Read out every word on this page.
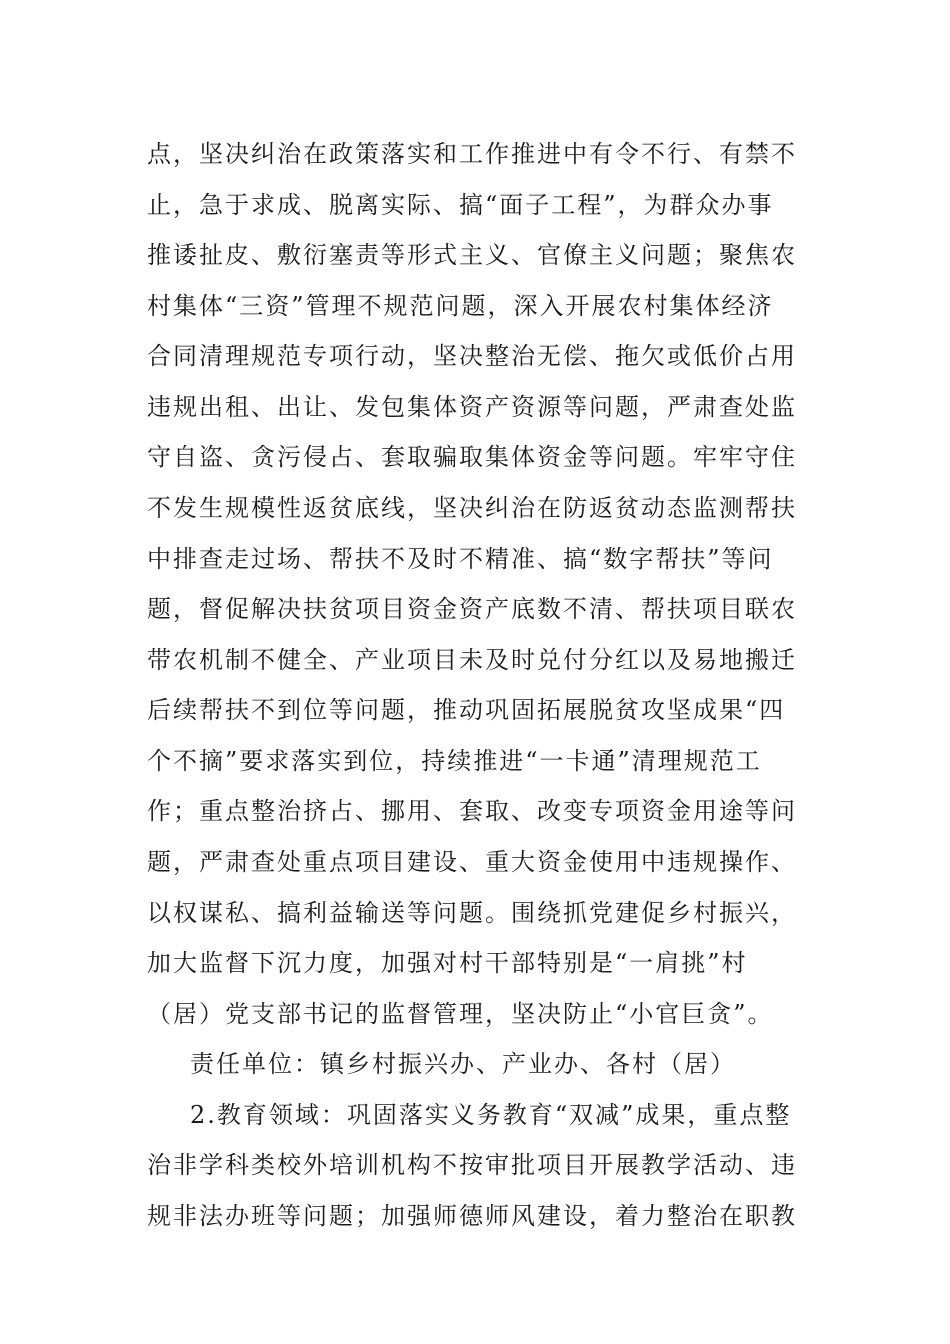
点，坚决纠治在政策落实和工作推进中有令不行、有禁不
止，急于求成、脱离实际、搞“面子工程”，为群众办事
推诿扯皮、敷衍塞责等形式主义、官僚主义问题；聚焦农
村集体“三资”管理不规范问题，深入开展农村集体经济
合同清理规范专项行动，坚决整治无偿、拖欠或低价占用
违规出租、出让、发包集体资产资源等问题，严肃查处监
守自盗、贪污侵占、套取骗取集体资金等问题。牢牢守住
不发生规模性返贫底线，坚决纠治在防返贫动态监测帮扶
中排查走过场、帮扶不及时不精准、搞“数字帮扶”等问
题，督促解决扶贫项目资金资产底数不清、帮扶项目联农
带农机制不健全、产业项目未及时兑付分红以及易地搬迁
后续帮扶不到位等问题，推动巩固拓展脱贫攻坚成果“四
个不摘”要求落实到位，持续推进“一卡通”清理规范工
作；重点整治挤占、挪用、套取、改变专项资金用途等问
题，严肃查处重点项目建设、重大资金使用中违规操作、
以权谋私、搞利益输送等问题。围绕抓党建促乡村振兴，
加大监督下沉力度，加强对村干部特别是“一肩挑”村
（居）党支部书记的监督管理，坚决防止“小官巨贪”。
责任单位：镇乡村振兴办、产业办、各村（居）
2.教育领域：巩固落实义务教育“双减”成果，重点整
治非学科类校外培训机构不按审批项目开展教学活动、违
规非法办班等问题；加强师德师风建设，着力整治在职教
